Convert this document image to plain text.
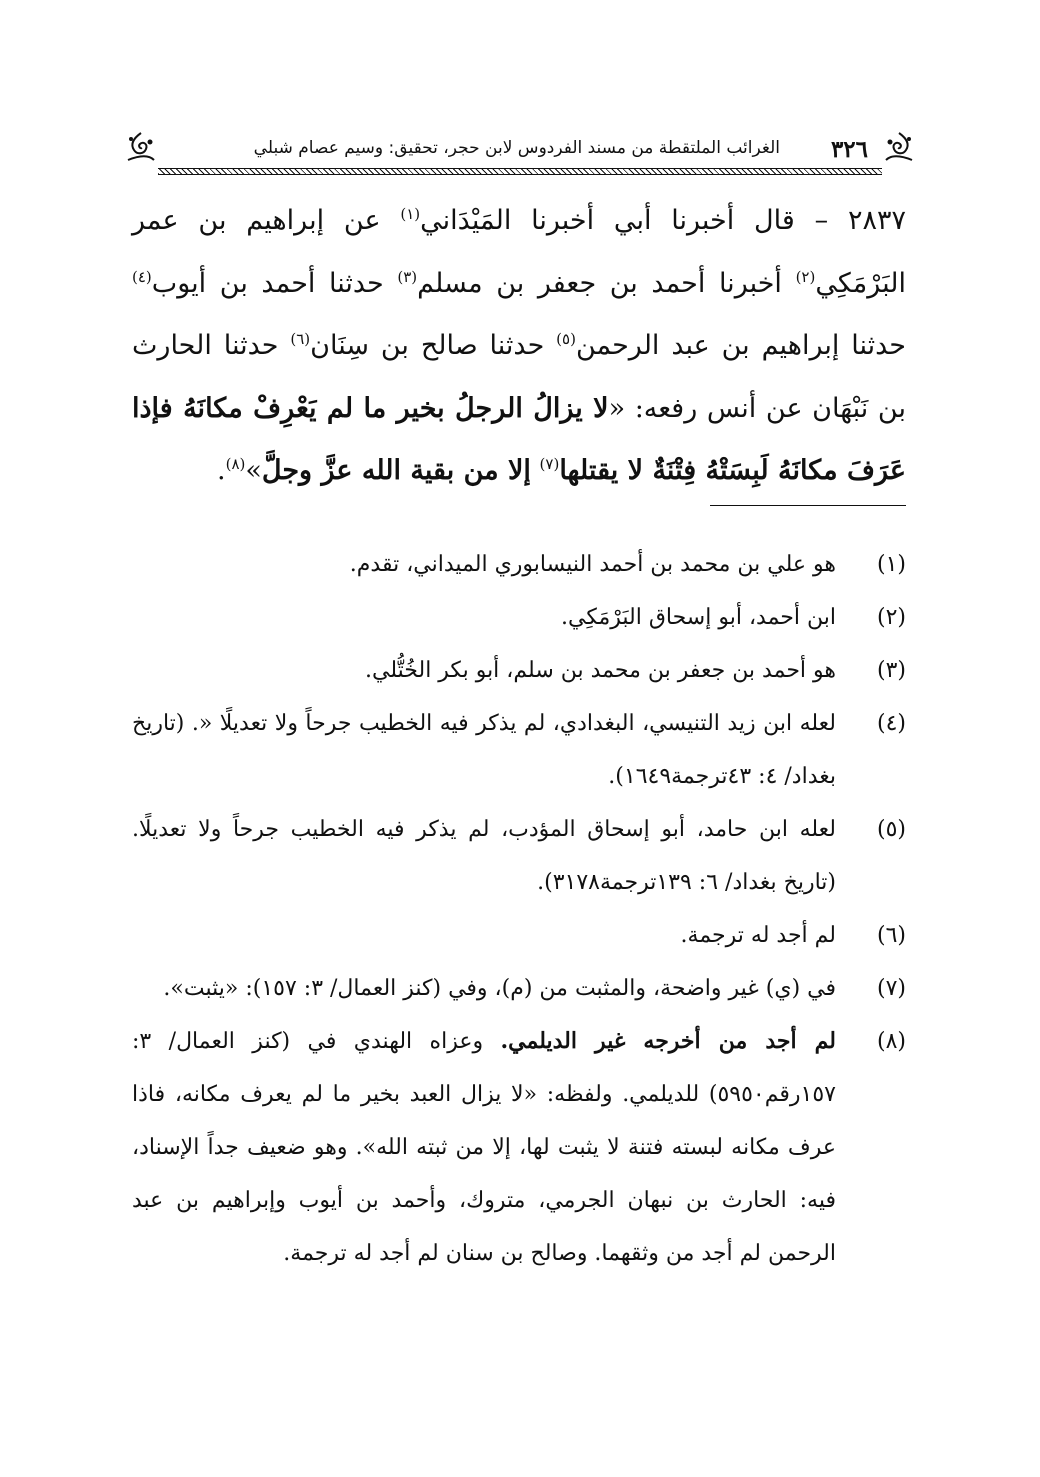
٣٢٦
الغرائب الملتقطة من مسند الفردوس لابن حجر، تحقيق: وسيم عصام شبلي
٢٨٣٧ – قال أخبرنا أبي أخبرنا المَيْدَاني$^{(١)}$ عن إبراهيم بن عمر البَرْمَكِي$^{(٢)}$ أخبرنا أحمد بن جعفر بن مسلم$^{(٣)}$ حدثنا أحمد بن أيوب$^{(٤)}$ حدثنا إبراهيم بن عبد الرحمن$^{(٥)}$ حدثنا صالح بن سِنَان$^{(٦)}$ حدثنا الحارث بن نَبْهَان عن أنس رفعه: «لا يزالُ الرجلُ بخير ما لم يَعْرِفْ مكانَهُ فإذا عَرَفَ مكانَهُ لَبِسَتْهُ فِتْنَةٌ لا يقتلها$^{(٧)}$ إلا من بقية الله عزَّ وجلَّ»$^{(٨)}$.
(١)
هو علي بن محمد بن أحمد النيسابوري الميداني، تقدم.
(٢)
ابن أحمد، أبو إسحاق البَرْمَكِي.
(٣)
هو أحمد بن جعفر بن محمد بن سلم، أبو بكر الخُتُّلي.
(٤)
لعله ابن زيد التنيسي، البغدادي، لم يذكر فيه الخطيب جرحاً ولا تعديلًا «. (تاريخ بغداد/ ٤: ٤٣ترجمة١٦٤٩).
(٥)
لعله ابن حامد، أبو إسحاق المؤدب، لم يذكر فيه الخطيب جرحاً ولا تعديلًا. (تاريخ بغداد/ ٦: ١٣٩ترجمة٣١٧٨).
(٦)
لم أجد له ترجمة.
(٧)
في (ي) غير واضحة، والمثبت من (م)، وفي (كنز العمال/ ٣: ١٥٧): «يثبت».
(٨)
لم أجد من أخرجه غير الديلمي. وعزاه الهندي في (كنز العمال/ ٣: ١٥٧رقم٥٩٥٠) للديلمي. ولفظه: «لا يزال العبد بخير ما لم يعرف مكانه، فاذا عرف مكانه لبسته فتنة لا يثبت لها، إلا من ثبته الله». وهو ضعيف جداً الإسناد، فيه: الحارث بن نبهان الجرمي، متروك، وأحمد بن أيوب وإبراهيم بن عبد الرحمن لم أجد من وثقهما. وصالح بن سنان لم أجد له ترجمة.
